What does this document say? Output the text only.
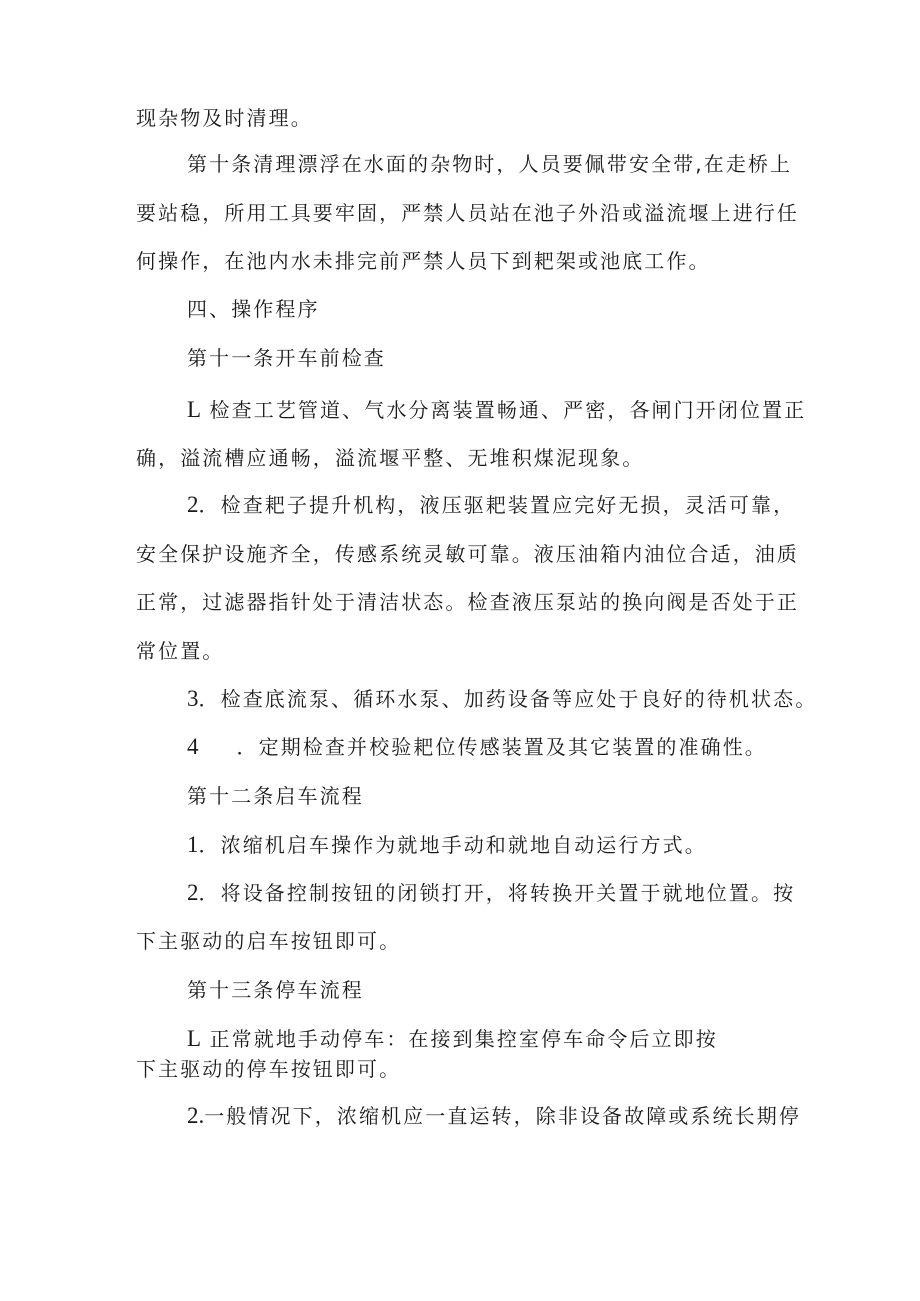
现杂物及时清理。
第十条清理漂浮在水面的杂物时，人员要佩带安全带,在走桥上
要站稳，所用工具要牢固，严禁人员站在池子外沿或溢流堰上进行任
何操作，在池内水未排完前严禁人员下到耙架或池底工作。
四、操作程序
第十一条开车前检查
L 检查工艺管道、气水分离装置畅通、严密，各闸门开闭位置正
确，溢流槽应通畅，溢流堰平整、无堆积煤泥现象。
2．检查耙子提升机构，液压驱耙装置应完好无损，灵活可靠，
安全保护设施齐全，传感系统灵敏可靠。液压油箱内油位合适，油质
正常，过滤器指针处于清洁状态。检查液压泵站的换向阀是否处于正
常位置。
3．检查底流泵、循环水泵、加药设备等应处于良好的待机状态。
4 ．定期检查并校验耙位传感装置及其它装置的准确性。
第十二条启车流程
1．浓缩机启车操作为就地手动和就地自动运行方式。
2．将设备控制按钮的闭锁打开，将转换开关置于就地位置。按
下主驱动的启车按钮即可。
第十三条停车流程
L 正常就地手动停车：在接到集控室停车命令后立即按
下主驱动的停车按钮即可。
2.一般情况下，浓缩机应一直运转，除非设备故障或系统长期停
